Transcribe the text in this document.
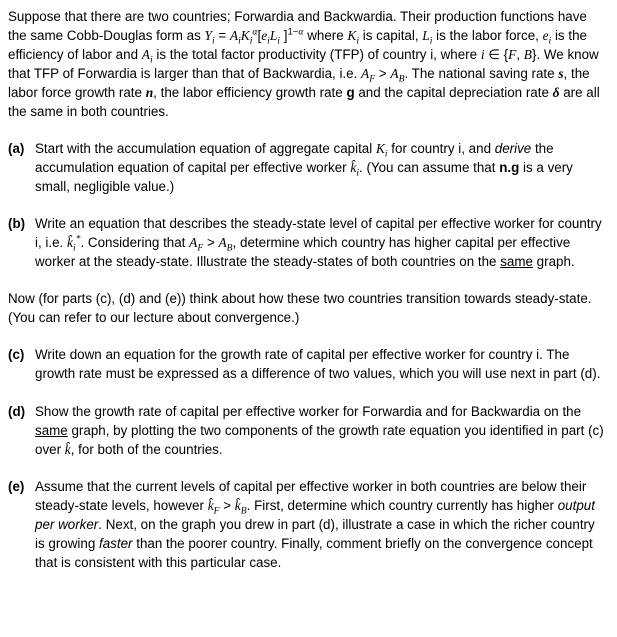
Suppose that there are two countries; Forwardia and Backwardia. Their production functions have the same Cobb-Douglas form as $Y_i = A_iK_i^\alpha[e_iL_i$ ]$^{1-\alpha}$ where $K_i$ is capital, $L_i$ is the labor force, $e_i$ is the efficiency of labor and $A_i$ is the total factor productivity (TFP) of country i, where i ∈ {F, B}. We know that TFP of Forwardia is larger than that of Backwardia, i.e. $A_F > A_B$. The national saving rate s, the labor force growth rate n, the labor efficiency growth rate g and the capital depreciation rate δ are all the same in both countries.

(a) Start with the accumulation equation of aggregate capital $K_i$ for country i, and derive the accumulation equation of capital per effective worker $k̂_i$. (You can assume that n.g is a very small, negligible value.)
(b) Write an equation that describes the steady-state level of capital per effective worker for country i, i.e. $k̂_i^*$. Considering that $A_F > A_B$, determine which country has higher capital per effective worker at the steady-state. Illustrate the steady-states of both countries on the same graph.

Now (for parts (c), (d) and (e)) think about how these two countries transition towards steady-state. (You can refer to our lecture about convergence.)

(c) Write down an equation for the growth rate of capital per effective worker for country i. The growth rate must be expressed as a difference of two values, which you will use next in part (d).
(d) Show the growth rate of capital per effective worker for Forwardia and for Backwardia on the same graph, by plotting the two components of the growth rate equation you identified in part (c) over k̂, for both of the countries.
(e) Assume that the current levels of capital per effective worker in both countries are below their steady-state levels, however $k̂_F$ > $k̂_B$. First, determine which country currently has higher output per worker. Next, on the graph you drew in part (d), illustrate a case in which the richer country is growing faster than the poorer country. Finally, comment briefly on the convergence concept that is consistent with this particular case.
